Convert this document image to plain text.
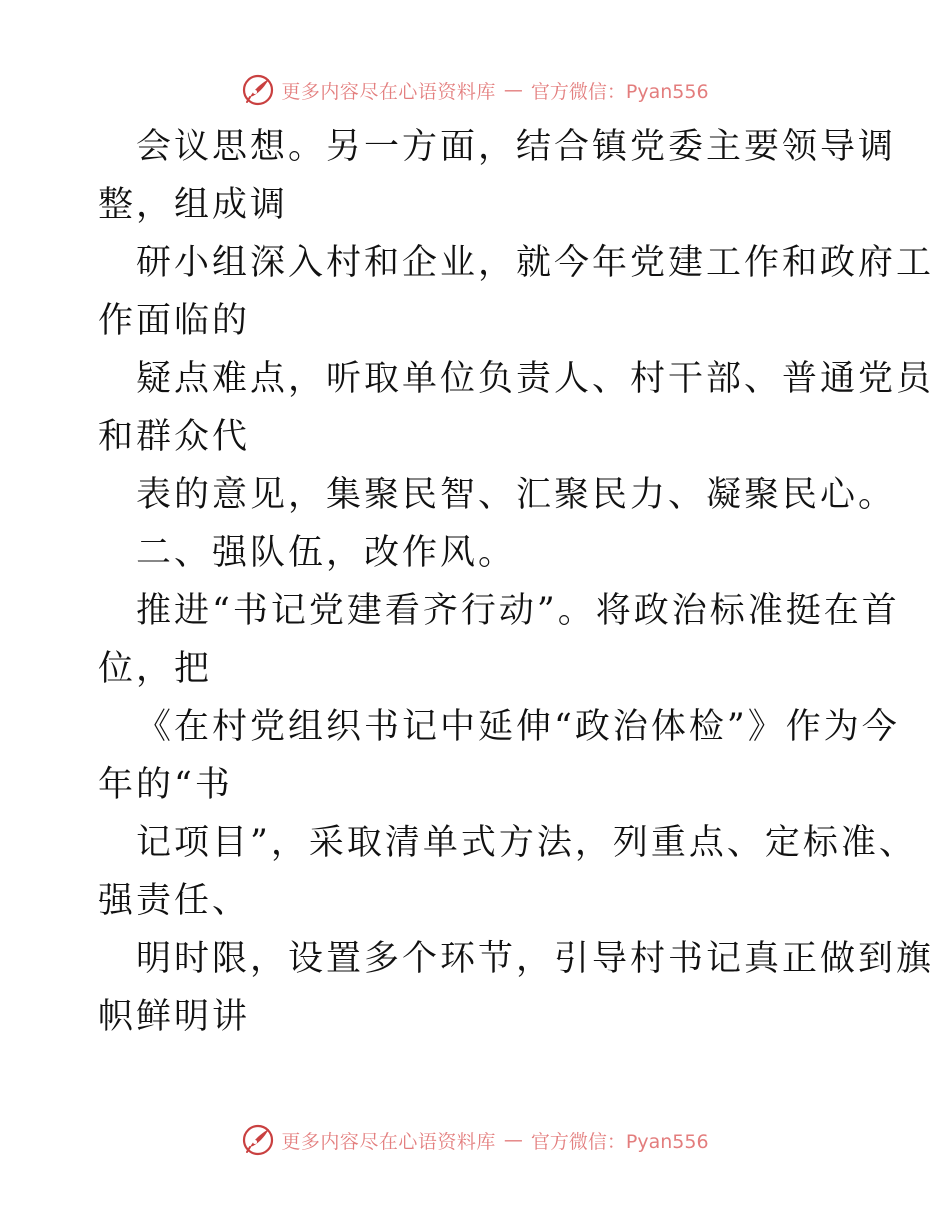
更多内容尽在心语资料库 — 官方微信：Pyan556
会议思想。另一方面，结合镇党委主要领导调
整，组成调
研小组深入村和企业，就今年党建工作和政府工
作面临的
疑点难点，听取单位负责人、村干部、普通党员
和群众代
表的意见，集聚民智、汇聚民力、凝聚民心。
二、强队伍，改作风。
推进“书记党建看齐行动”。将政治标准挺在首
位，把
《在村党组织书记中延伸“政治体检”》作为今
年的“书
记项目”，采取清单式方法，列重点、定标准、
强责任、
明时限，设置多个环节，引导村书记真正做到旗
帜鲜明讲
更多内容尽在心语资料库 — 官方微信：Pyan556
